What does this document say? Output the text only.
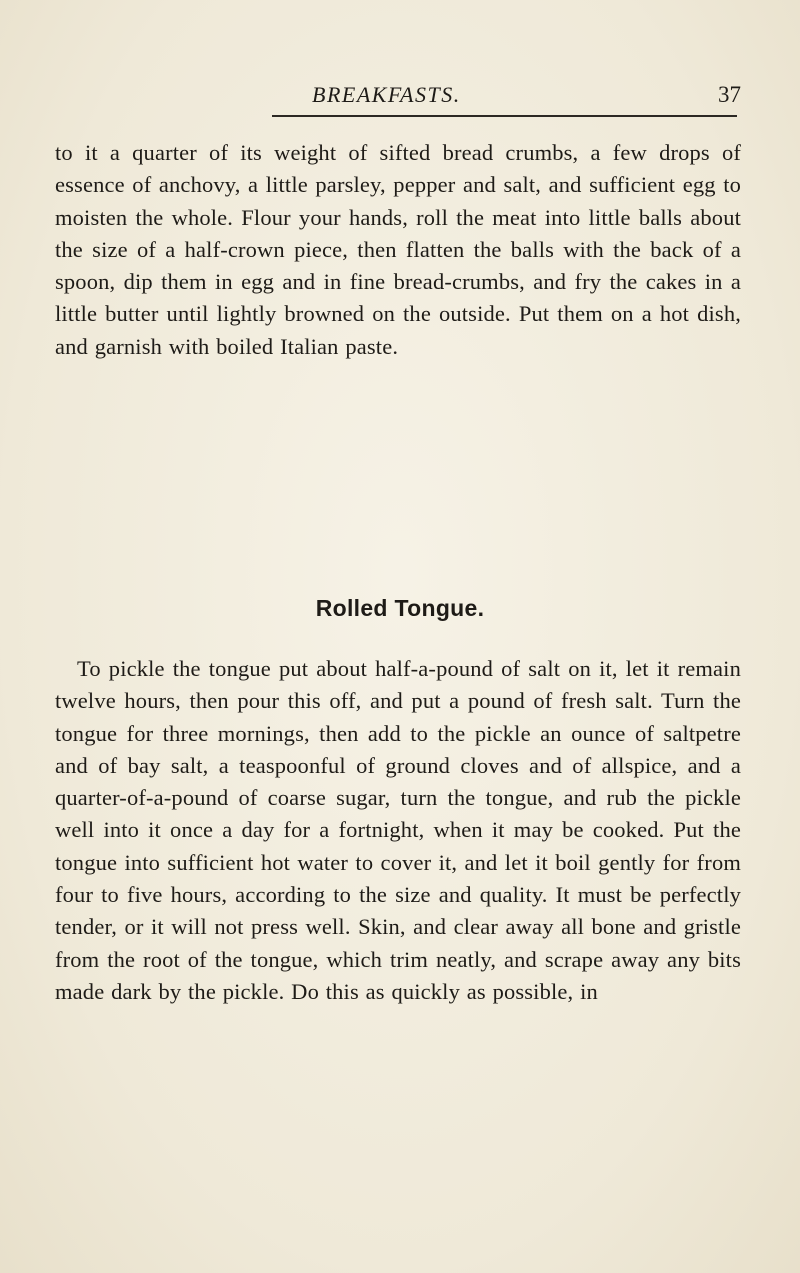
BREAKFASTS.	37

to it a quarter of its weight of sifted bread crumbs, a few drops of essence of anchovy, a little parsley, pepper and salt, and sufficient egg to moisten the whole. Flour your hands, roll the meat into little balls about the size of a half-crown piece, then flatten the balls with the back of a spoon, dip them in egg and in fine bread-crumbs, and fry the cakes in a little butter until lightly browned on the outside. Put them on a hot dish, and garnish with boiled Italian paste.

Rolled Tongue.

To pickle the tongue put about half-a-pound of salt on it, let it remain twelve hours, then pour this off, and put a pound of fresh salt. Turn the tongue for three mornings, then add to the pickle an ounce of saltpetre and of bay salt, a teaspoonful of ground cloves and of allspice, and a quarter-of-a-pound of coarse sugar, turn the tongue, and rub the pickle well into it once a day for a fortnight, when it may be cooked. Put the tongue into sufficient hot water to cover it, and let it boil gently for from four to five hours, according to the size and quality. It must be perfectly tender, or it will not press well. Skin, and clear away all bone and gristle from the root of the tongue, which trim neatly, and scrape away any bits made dark by the pickle. Do this as quickly as possible, in
